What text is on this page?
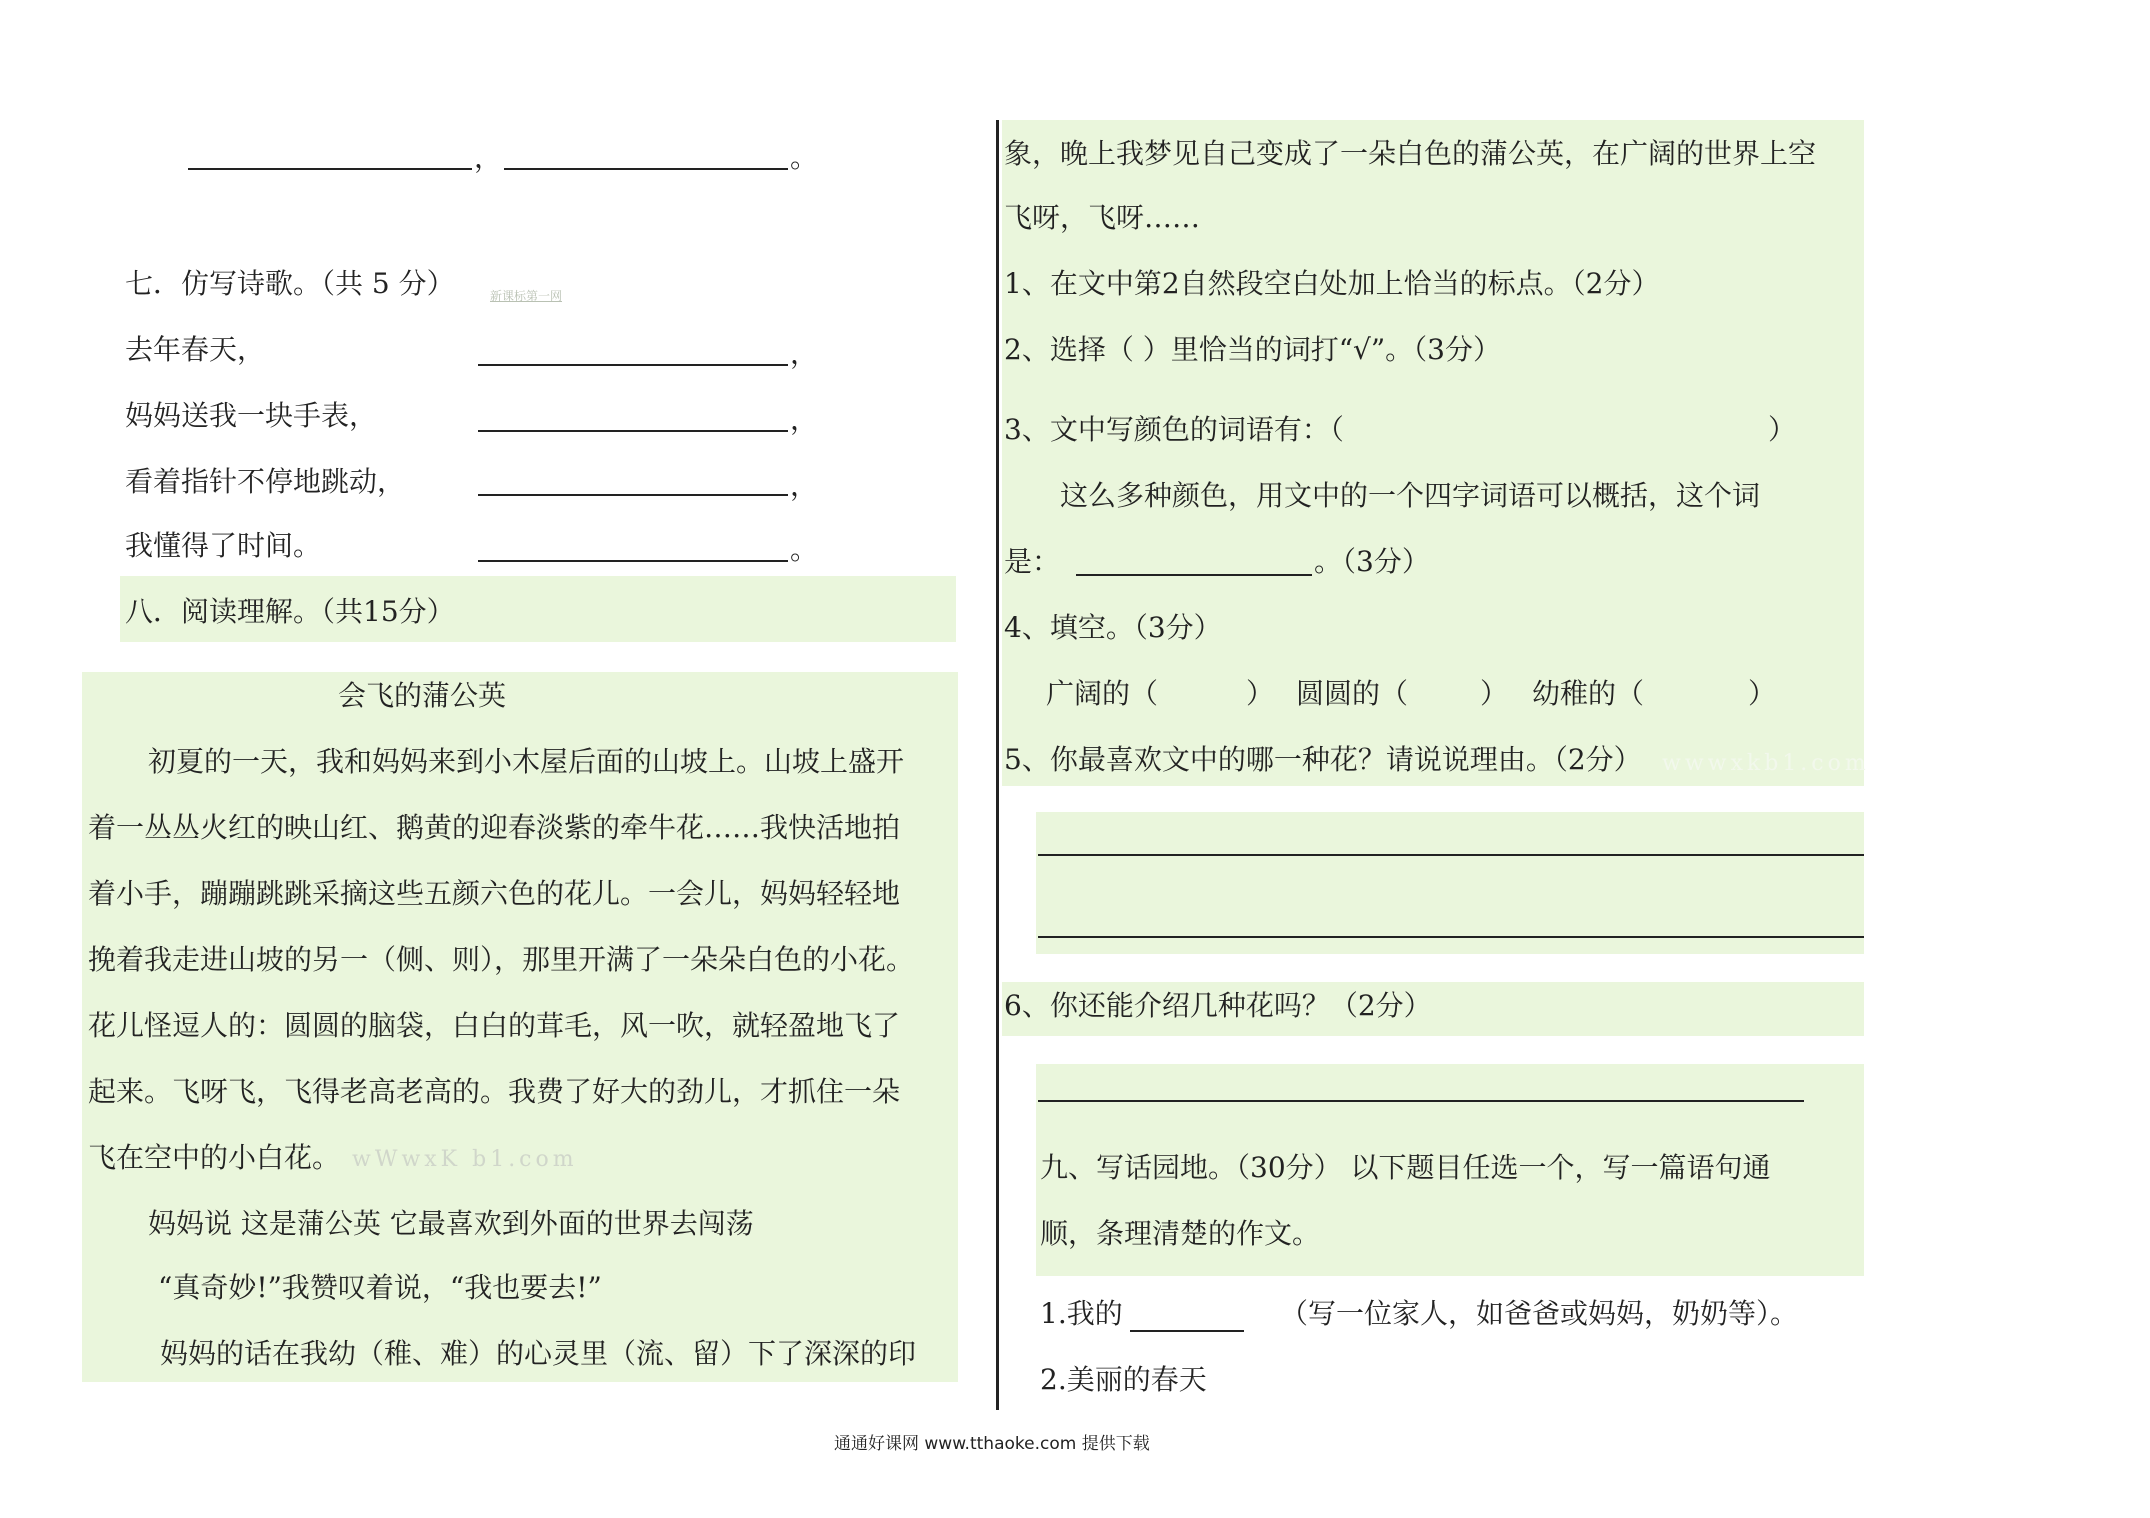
，	。
七．仿写诗歌。（共 5 分）	新课标第一网
去年春天，	，
妈妈送我一块手表，	，
看着指针不停地跳动，	，
我懂得了时间。	。
八．阅读理解。（共15分）
会飞的蒲公英
初夏的一天，我和妈妈来到小木屋后面的山坡上。山坡上盛开
着一丛丛火红的映山红、鹅黄的迎春淡紫的牵牛花……我快活地拍
着小手，蹦蹦跳跳采摘这些五颜六色的花儿。一会儿，妈妈轻轻地
挽着我走进山坡的另一（侧、则），那里开满了一朵朵白色的小花。
花儿怪逗人的：圆圆的脑袋，白白的茸毛，风一吹，就轻盈地飞了
起来。飞呀飞，飞得老高老高的。我费了好大的劲儿，才抓住一朵
飞在空中的小白花。 wWwxK b1.com
妈妈说 这是蒲公英 它最喜欢到外面的世界去闯荡
“真奇妙!”我赞叹着说，“我也要去!”
妈妈的话在我幼（稚、难）的心灵里（流、留）下了深深的印
象，晚上我梦见自己变成了一朵白色的蒲公英，在广阔的世界上空
飞呀，飞呀……
1、在文中第2自然段空白处加上恰当的标点。（2分）
2、选择（ ）里恰当的词打“√”。（3分）
3、文中写颜色的词语有：（	）
这么多种颜色，用文中的一个四字词语可以概括，这个词
是：	。（3分）
4、填空。（3分）
广阔的（	） 圆圆的（	） 幼稚的（	）
5、你最喜欢文中的哪一种花？请说说理由。（2分） wwwxkb1.com
6、你还能介绍几种花吗？（2分）
九、写话园地。（30分） 以下题目任选一个，写一篇语句通
顺，条理清楚的作文。
1.我的	（写一位家人，如爸爸或妈妈，奶奶等）。
2.美丽的春天
通通好课网 www.tthaoke.com 提供下载
